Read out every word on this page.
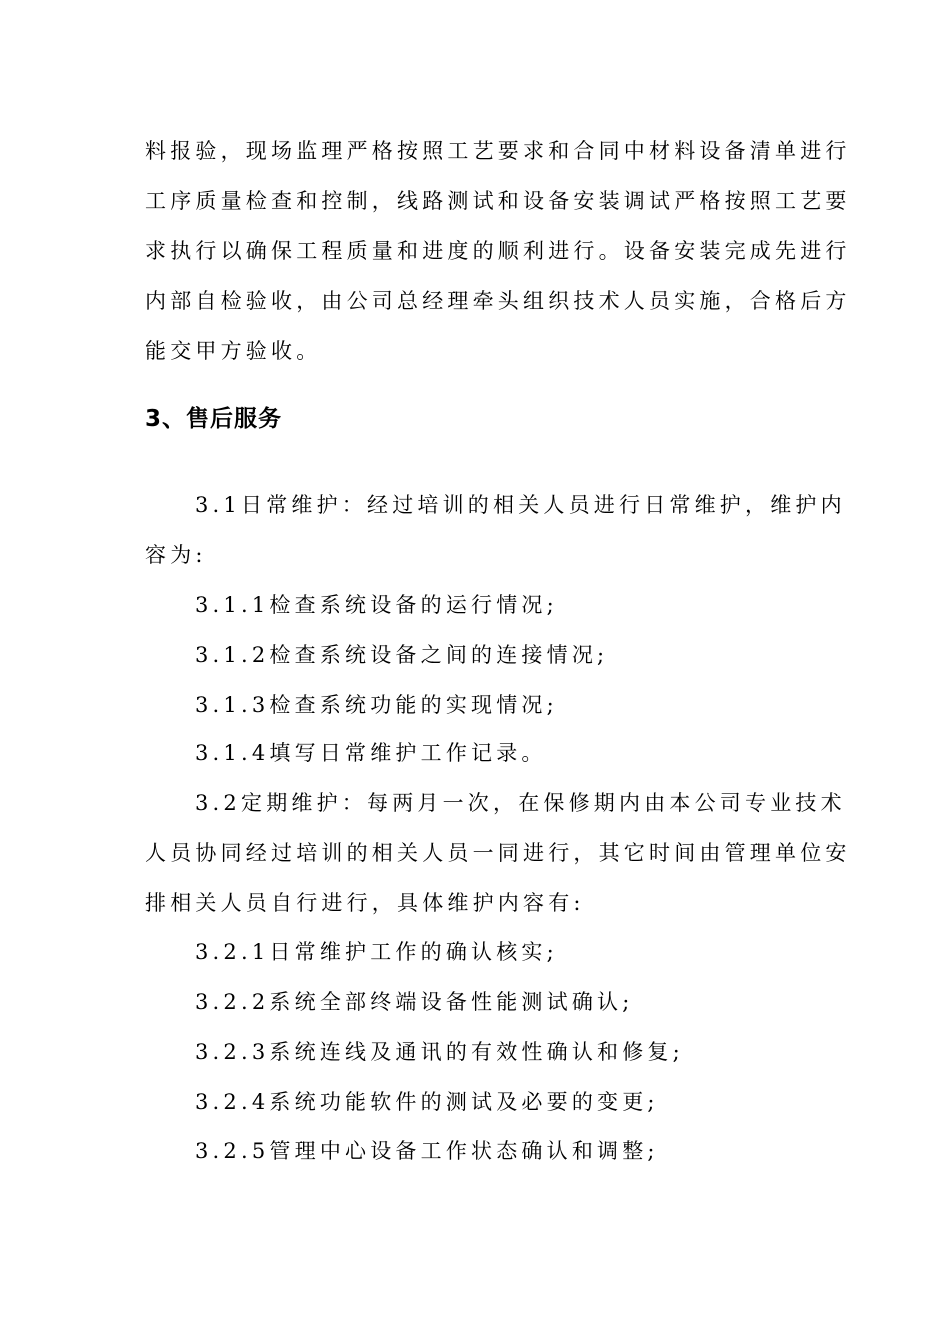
料报验，现场监理严格按照工艺要求和合同中材料设备清单进行
工序质量检查和控制，线路测试和设备安装调试严格按照工艺要
求执行以确保工程质量和进度的顺利进行。设备安装完成先进行
内部自检验收，由公司总经理牵头组织技术人员实施，合格后方
能交甲方验收。
3、售后服务
3.1日常维护：经过培训的相关人员进行日常维护，维护内
容为:
3.1.1检查系统设备的运行情况;
3.1.2检查系统设备之间的连接情况;
3.1.3检查系统功能的实现情况;
3.1.4填写日常维护工作记录。
3.2定期维护：每两月一次，在保修期内由本公司专业技术
人员协同经过培训的相关人员一同进行，其它时间由管理单位安
排相关人员自行进行，具体维护内容有:
3.2.1日常维护工作的确认核实;
3.2.2系统全部终端设备性能测试确认;
3.2.3系统连线及通讯的有效性确认和修复;
3.2.4系统功能软件的测试及必要的变更;
3.2.5管理中心设备工作状态确认和调整;
